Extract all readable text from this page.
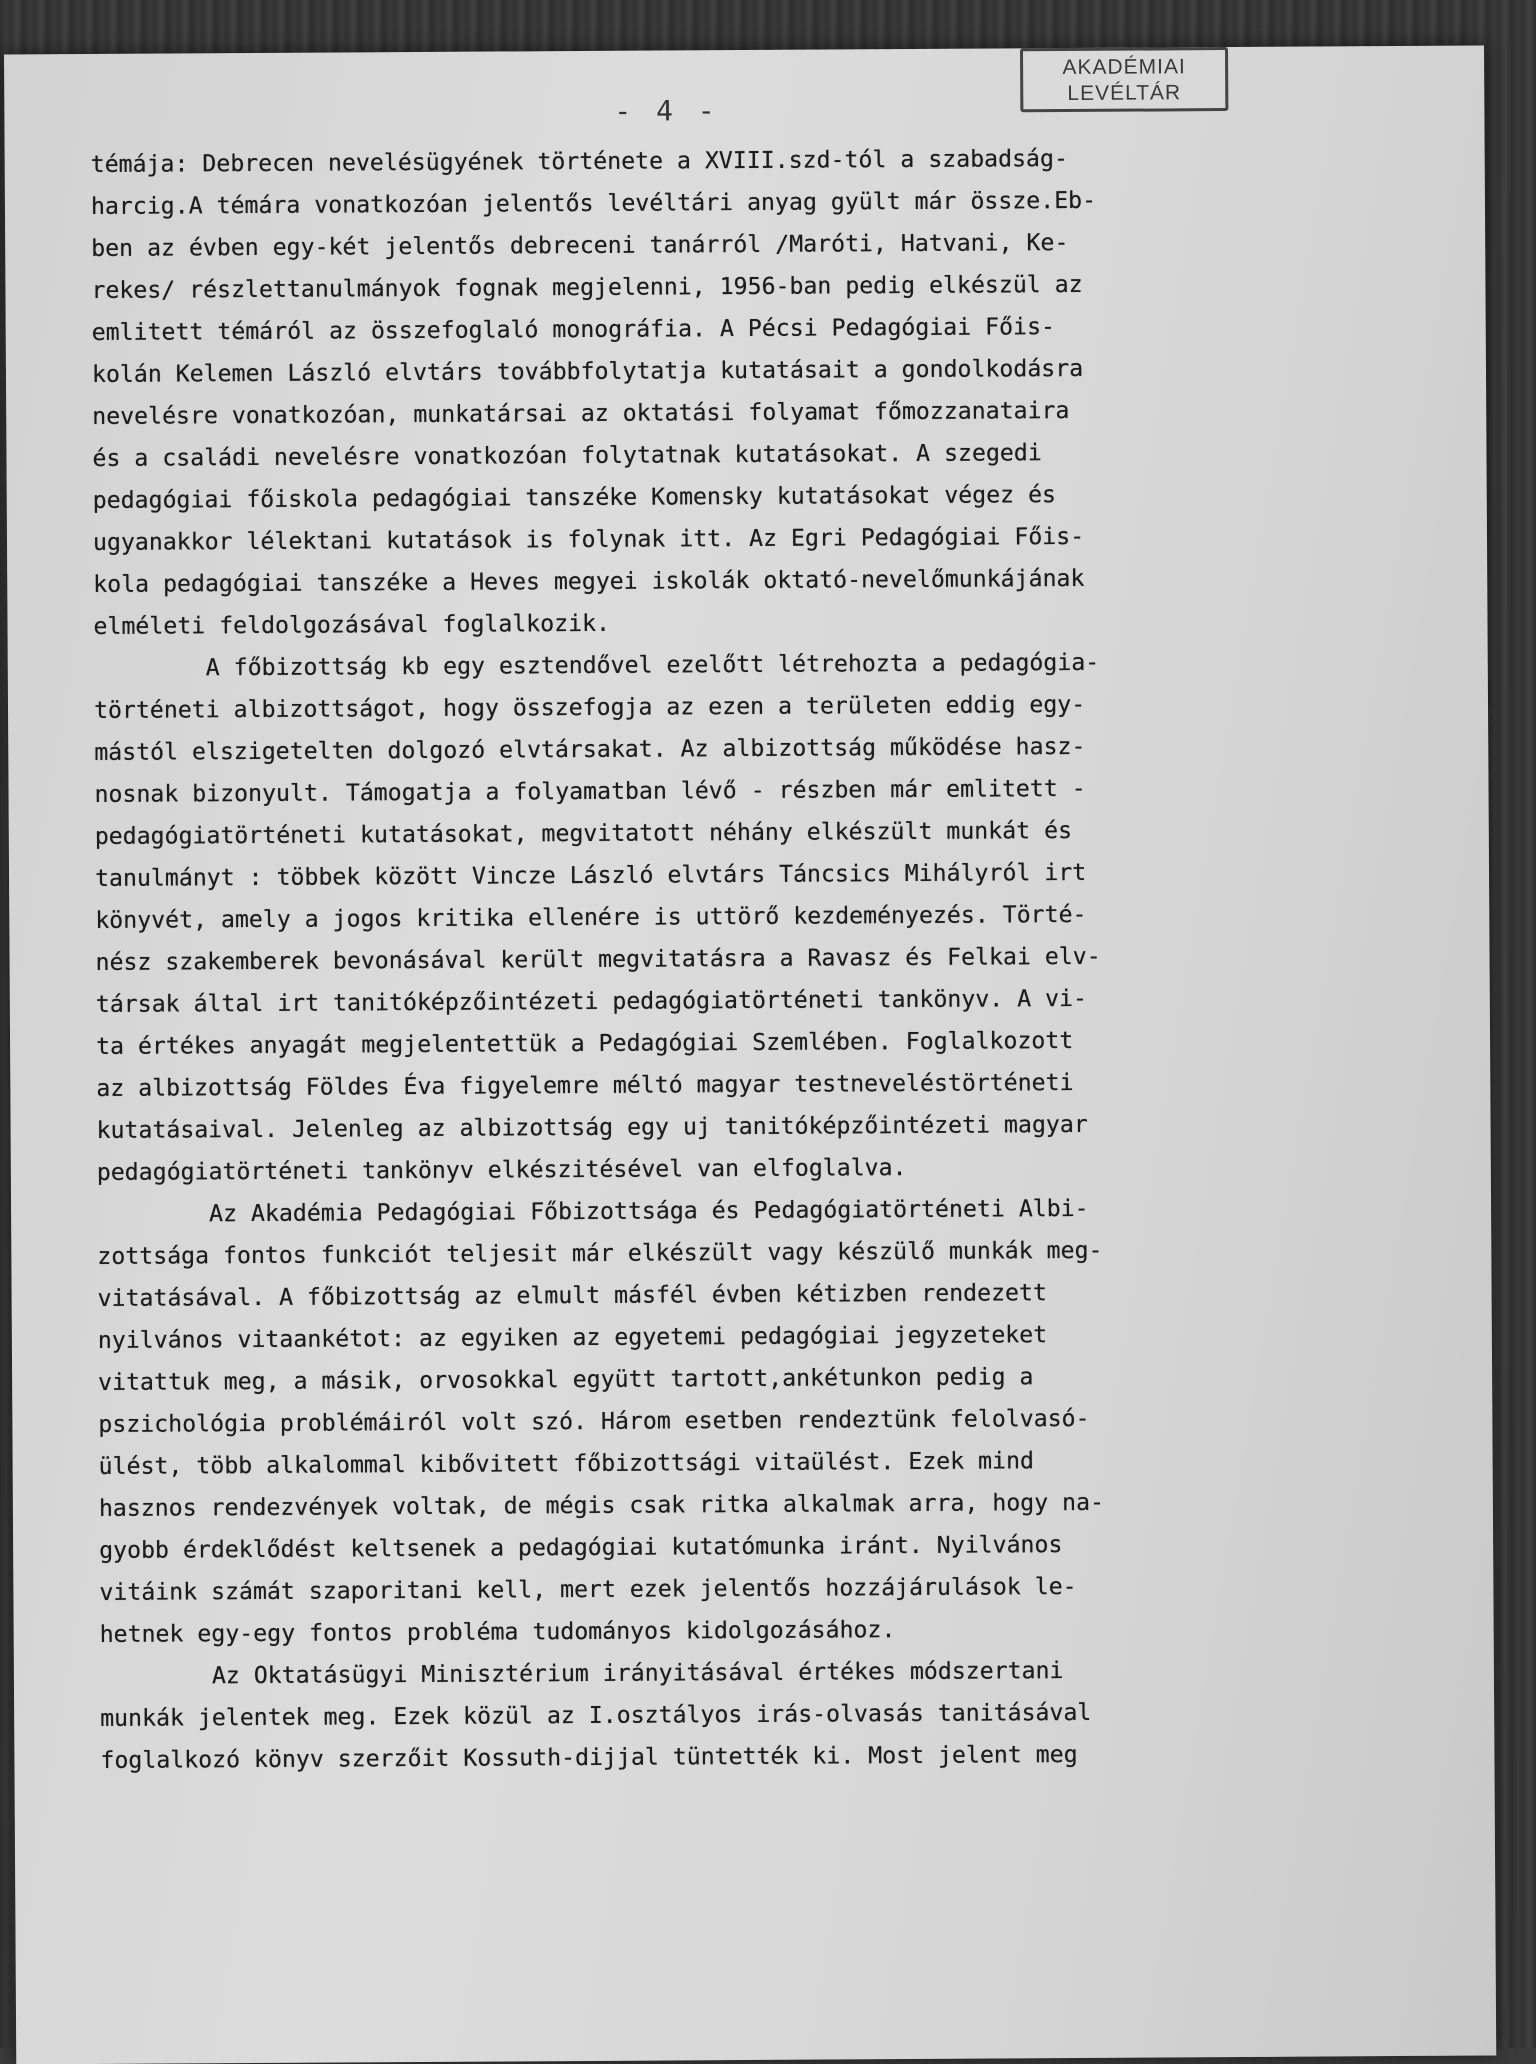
- 4 -
AKADÉMIAI
LEVÉLTÁR
témája: Debrecen nevelésügyének története a XVIII.szd-tól a szabadság-
harcig.A témára vonatkozóan jelentős levéltári anyag gyült már össze.Eb-
ben az évben egy-két jelentős debreceni tanárról /Maróti, Hatvani, Ke-
rekes/ részlettanulmányok fognak megjelenni, 1956-ban pedig elkészül az
emlitett témáról az összefoglaló monográfia. A Pécsi Pedagógiai Főis-
kolán Kelemen László elvtárs továbbfolytatja kutatásait a gondolkodásra
nevelésre vonatkozóan, munkatársai az oktatási folyamat főmozzanataira
és a családi nevelésre vonatkozóan folytatnak kutatásokat. A szegedi
pedagógiai főiskola pedagógiai tanszéke Komensky kutatásokat végez és
ugyanakkor lélektani kutatások is folynak itt. Az Egri Pedagógiai Főis-
kola pedagógiai tanszéke a Heves megyei iskolák oktató-nevelőmunkájának
elméleti feldolgozásával foglalkozik.
A főbizottság kb egy esztendővel ezelőtt létrehozta a pedagógia-
történeti albizottságot, hogy összefogja az ezen a területen eddig egy-
mástól elszigetelten dolgozó elvtársakat. Az albizottság működése hasz-
nosnak bizonyult. Támogatja a folyamatban lévő - részben már emlitett -
pedagógiatörténeti kutatásokat, megvitatott néhány elkészült munkát és
tanulmányt : többek között Vincze László elvtárs Táncsics Mihályról irt
könyvét, amely a jogos kritika ellenére is uttörő kezdeményezés. Törté-
nész szakemberek bevonásával került megvitatásra a Ravasz és Felkai elv-
társak által irt tanitóképzőintézeti pedagógiatörténeti tankönyv. A vi-
ta értékes anyagát megjelentettük a Pedagógiai Szemlében. Foglalkozott
az albizottság Földes Éva figyelemre méltó magyar testneveléstörténeti
kutatásaival. Jelenleg az albizottság egy uj tanitóképzőintézeti magyar
pedagógiatörténeti tankönyv elkészitésével van elfoglalva.
Az Akadémia Pedagógiai Főbizottsága és Pedagógiatörténeti Albi-
zottsága fontos funkciót teljesit már elkészült vagy készülő munkák meg-
vitatásával. A főbizottság az elmult másfél évben kétizben rendezett
nyilvános vitaankétot: az egyiken az egyetemi pedagógiai jegyzeteket
vitattuk meg, a másik, orvosokkal együtt tartott,ankétunkon pedig a
pszichológia problémáiról volt szó. Három esetben rendeztünk felolvasó-
ülést, több alkalommal kibővitett főbizottsági vitaülést. Ezek mind
hasznos rendezvények voltak, de mégis csak ritka alkalmak arra, hogy na-
gyobb érdeklődést keltsenek a pedagógiai kutatómunka iránt. Nyilvános
vitáink számát szaporitani kell, mert ezek jelentős hozzájárulások le-
hetnek egy-egy fontos probléma tudományos kidolgozásához.
Az Oktatásügyi Minisztérium irányitásával értékes módszertani
munkák jelentek meg. Ezek közül az I.osztályos irás-olvasás tanitásával
foglalkozó könyv szerzőit Kossuth-dijjal tüntették ki. Most jelent meg
